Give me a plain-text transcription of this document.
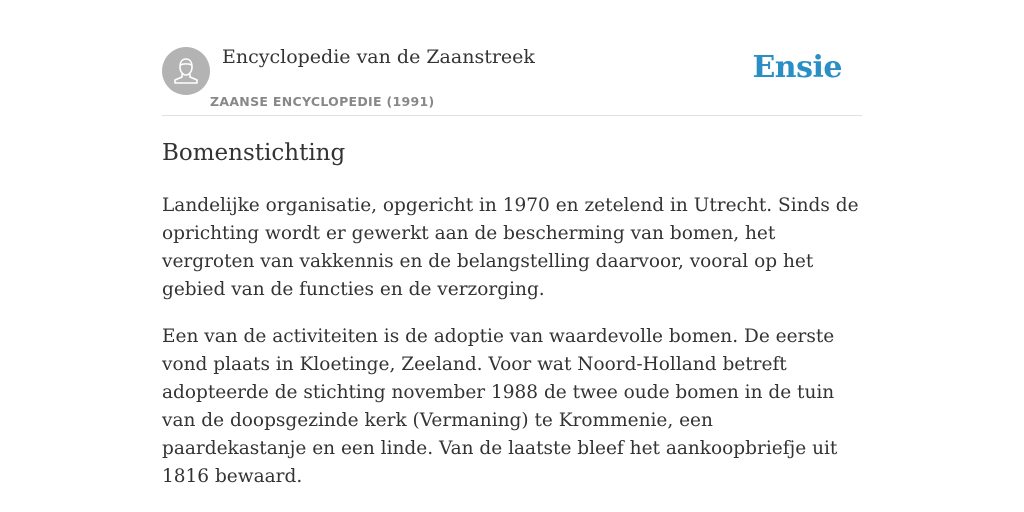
Encyclopedie van de Zaanstreek
ZAANSE ENCYCLOPEDIE (1991)
Ensie
Bomenstichting

Landelijke organisatie, opgericht in 1970 en zetelend in Utrecht. Sinds de oprichting wordt er gewerkt aan de bescherming van bomen, het vergroten van vakkennis en de belangstelling daarvoor, vooral op het gebied van de functies en de verzorging.

Een van de activiteiten is de adoptie van waardevolle bomen. De eerste vond plaats in Kloetinge, Zeeland. Voor wat Noord-Holland betreft adopteerde de stichting november 1988 de twee oude bomen in de tuin van de doopsgezinde kerk (Vermaning) te Krommenie, een paardekastanje en een linde. Van de laatste bleef het aankoopbriefje uit 1816 bewaard.
